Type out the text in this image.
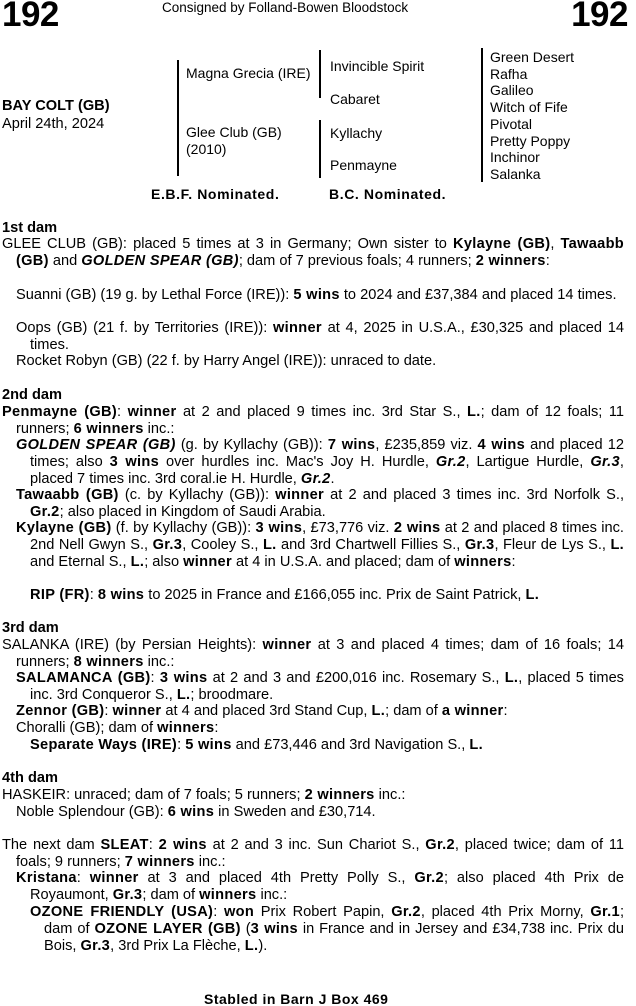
192	192
Consigned by Folland-Bowen Bloodstock
BAY COLT (GB)
April 24th, 2024
Magna Grecia (IRE)
Glee Club (GB) (2010)
Invincible Spirit
Cabaret
Kyllachy
Penmayne
Green Desert
Rafha
Galileo
Witch of Fife
Pivotal
Pretty Poppy
Inchinor
Salanka
E.B.F. Nominated.	B.C. Nominated.
1st dam
GLEE CLUB (GB): placed 5 times at 3 in Germany; Own sister to Kylayne (GB), Tawaabb (GB) and GOLDEN SPEAR (GB); dam of 7 previous foals; 4 runners; 2 winners:
Suanni (GB) (19 g. by Lethal Force (IRE)): 5 wins to 2024 and £37,384 and placed 14 times.
Oops (GB) (21 f. by Territories (IRE)): winner at 4, 2025 in U.S.A., £30,325 and placed 14 times.
Rocket Robyn (GB) (22 f. by Harry Angel (IRE)): unraced to date.
2nd dam
Penmayne (GB): winner at 2 and placed 9 times inc. 3rd Star S., L.; dam of 12 foals; 11 runners; 6 winners inc.:
GOLDEN SPEAR (GB) (g. by Kyllachy (GB)): 7 wins, £235,859 viz. 4 wins and placed 12 times; also 3 wins over hurdles inc. Mac's Joy H. Hurdle, Gr.2, Lartigue Hurdle, Gr.3, placed 7 times inc. 3rd coral.ie H. Hurdle, Gr.2.
Tawaabb (GB) (c. by Kyllachy (GB)): winner at 2 and placed 3 times inc. 3rd Norfolk S., Gr.2; also placed in Kingdom of Saudi Arabia.
Kylayne (GB) (f. by Kyllachy (GB)): 3 wins, £73,776 viz. 2 wins at 2 and placed 8 times inc. 2nd Nell Gwyn S., Gr.3, Cooley S., L. and 3rd Chartwell Fillies S., Gr.3, Fleur de Lys S., L. and Eternal S., L.; also winner at 4 in U.S.A. and placed; dam of winners:
RIP (FR): 8 wins to 2025 in France and £166,055 inc. Prix de Saint Patrick, L.
3rd dam
SALANKA (IRE) (by Persian Heights): winner at 3 and placed 4 times; dam of 16 foals; 14 runners; 8 winners inc.:
SALAMANCA (GB): 3 wins at 2 and 3 and £200,016 inc. Rosemary S., L., placed 5 times inc. 3rd Conqueror S., L.; broodmare.
Zennor (GB): winner at 4 and placed 3rd Stand Cup, L.; dam of a winner:
Choralli (GB); dam of winners:
Separate Ways (IRE): 5 wins and £73,446 and 3rd Navigation S., L.
4th dam
HASKEIR: unraced; dam of 7 foals; 5 runners; 2 winners inc.:
Noble Splendour (GB): 6 wins in Sweden and £30,714.
The next dam SLEAT: 2 wins at 2 and 3 inc. Sun Chariot S., Gr.2, placed twice; dam of 11 foals; 9 runners; 7 winners inc.:
Kristana: winner at 3 and placed 4th Pretty Polly S., Gr.2; also placed 4th Prix de Royaumont, Gr.3; dam of winners inc.:
OZONE FRIENDLY (USA): won Prix Robert Papin, Gr.2, placed 4th Prix Morny, Gr.1; dam of OZONE LAYER (GB) (3 wins in France and in Jersey and £34,738 inc. Prix du Bois, Gr.3, 3rd Prix La Flèche, L.).
Stabled in Barn J Box 469
